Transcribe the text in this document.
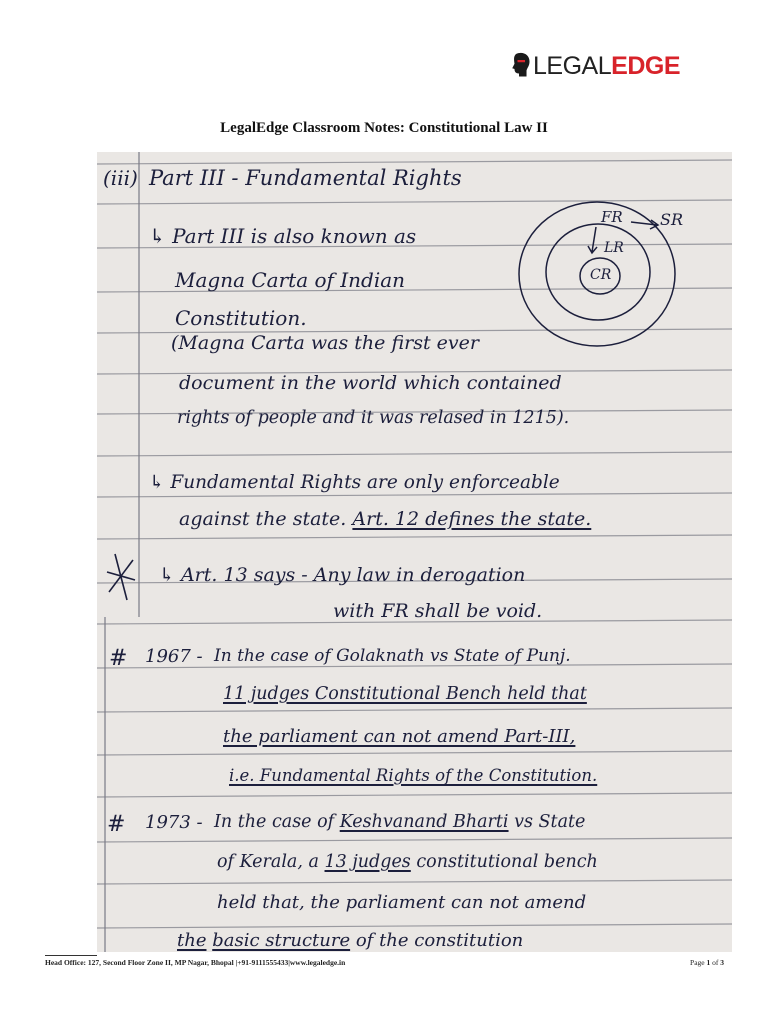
LEGALEDGE
LegalEdge Classroom Notes: Constitutional Law II
(iii) Part III - Fundamental Rights
FR SR
LR
CR
↳ Part III is also known as
Magna Carta of Indian
Constitution.
(Magna Carta was the first ever
document in the world which contained
rights of people and it was relased in 1215).
↳ Fundamental Rights are only enforceable
against the state. Art. 12 defines the state.
↳ Art. 13 says - Any law in derogation
with FR shall be void.
# 1967 - In the case of Golaknath vs State of Punj.
11 judges Constitutional Bench held that
the parliament can not amend Part-III,
i.e. Fundamental Rights of the Constitution.
# 1973 - In the case of Keshvanand Bharti vs State
of Kerala, a 13 judges constitutional bench
held that, the parliament can not amend
the basic structure of the constitution
Head Office: 127, Second Floor Zone II, MP Nagar, Bhopal |+91-9111555433|www.legaledge.in	Page 1 of 3
